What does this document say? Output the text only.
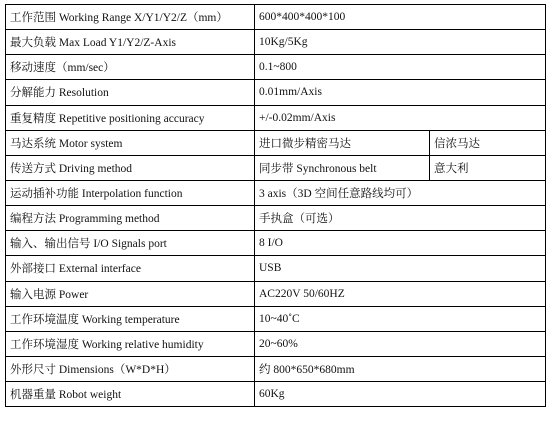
工作范围 Working Range X/Y1/Y2/Z（mm）	600*400*400*100	
最大负载 Max Load Y1/Y2/Z-Axis	10Kg/5Kg	
移动速度（mm/sec）	0.1~800	
分解能力 Resolution	0.01mm/Axis	
重复精度 Repetitive positioning accuracy	+/-0.02mm/Axis	
马达系统 Motor system	进口微步精密马达	信浓马达
传送方式 Driving method	同步带 Synchronous belt	意大利
运动插补功能 Interpolation function	3 axis（3D 空间任意路线均可）	
编程方法 Programming method	手执盒（可选）	
输入、输出信号 I/O Signals port	8 I/O	
外部接口 External interface	USB	
输入电源 Power	AC220V 50/60HZ	
工作环境温度 Working temperature	10~40˚C	
工作环境湿度 Working relative humidity	20~60%	
外形尺寸 Dimensions（W*D*H）	约 800*650*680mm	
机器重量 Robot weight	60Kg	
